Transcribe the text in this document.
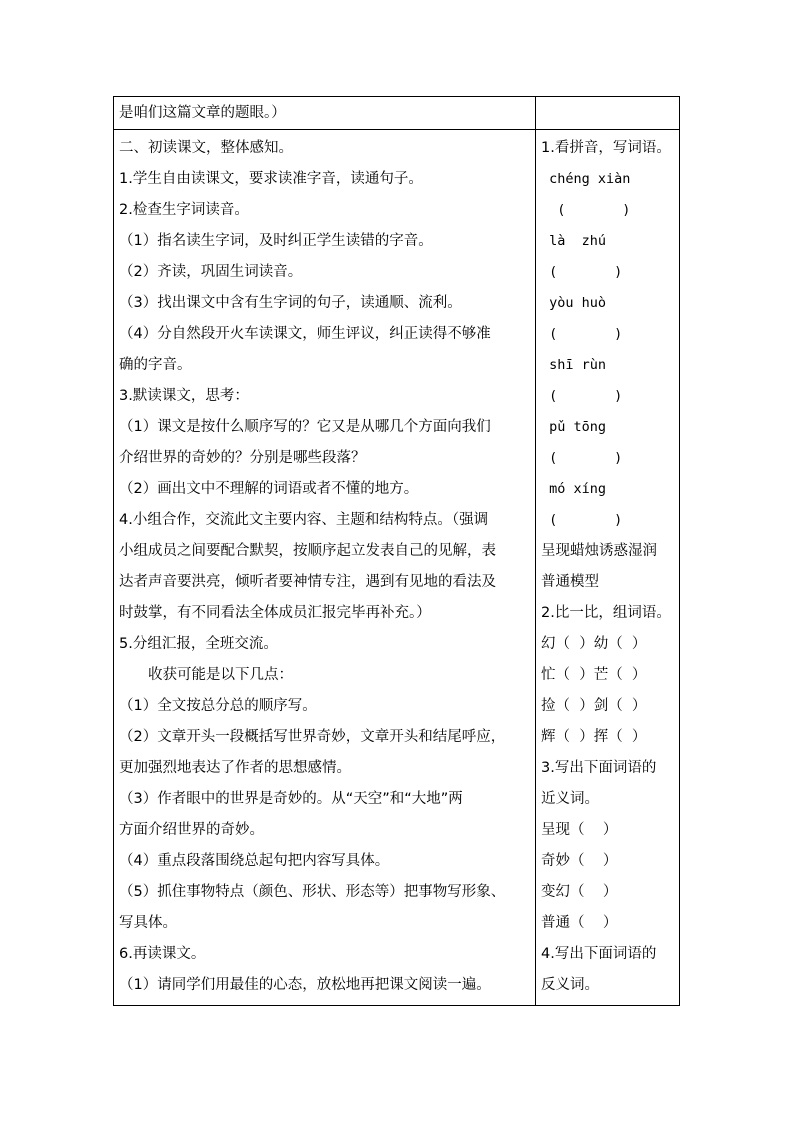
是咱们这篇文章的题眼。）
二、初读课文，整体感知。
1.学生自由读课文，要求读准字音，读通句子。
2.检查生字词读音。
（1）指名读生字词，及时纠正学生读错的字音。
（2）齐读，巩固生词读音。
（3）找出课文中含有生字词的句子，读通顺、流利。
（4）分自然段开火车读课文，师生评议，纠正读得不够准
确的字音。
3.默读课文，思考：
（1）课文是按什么顺序写的？它又是从哪几个方面向我们
介绍世界的奇妙的？分别是哪些段落？
（2）画出文中不理解的词语或者不懂的地方。
4.小组合作，交流此文主要内容、主题和结构特点。（强调
小组成员之间要配合默契，按顺序起立发表自己的见解，表
达者声音要洪亮，倾听者要神情专注，遇到有见地的看法及
时鼓掌，有不同看法全体成员汇报完毕再补充。）
5.分组汇报，全班交流。
　　收获可能是以下几点：
（1）全文按总分总的顺序写。
（2）文章开头一段概括写世界奇妙，文章开头和结尾呼应，
更加强烈地表达了作者的思想感情。
（3）作者眼中的世界是奇妙的。从“天空”和“大地”两
方面介绍世界的奇妙。
（4）重点段落围绕总起句把内容写具体。
（5）抓住事物特点（颜色、形状、形态等）把事物写形象、
写具体。
6.再读课文。
（1）请同学们用最佳的心态，放松地再把课文阅读一遍。
1.看拼音，写词语。
chéng xiàn
(       )
là  zhú
(       )
yòu huò
(       )
shī rùn
(       )
pǔ tōng
(       )
mó xíng
(       )
呈现蜡烛诱惑湿润
普通模型
2.比一比，组词语。
幻（  ）幼（  ）
忙（  ）芒（  ）
捡（  ）剑（  ）
辉（  ）挥（  ）
3.写出下面词语的
近义词。
呈现（    ）
奇妙（    ）
变幻（    ）
普通（    ）
4.写出下面词语的
反义词。
